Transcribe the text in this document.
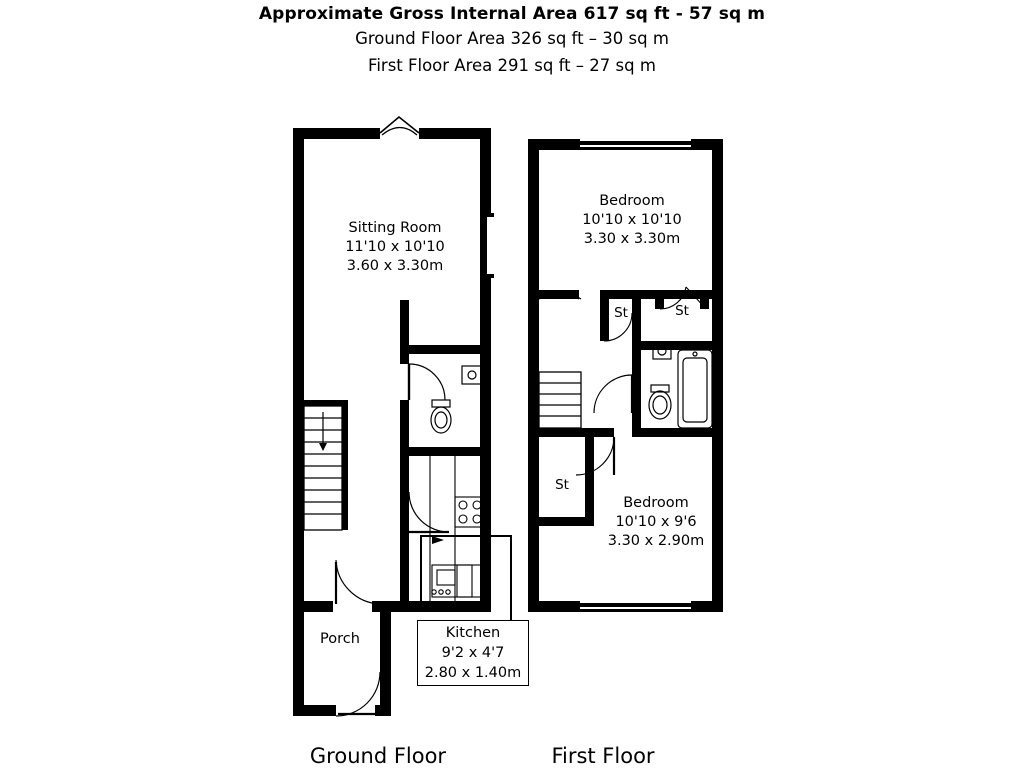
Approximate Gross Internal Area 617 sq ft - 57 sq m
Ground Floor Area 326 sq ft – 30 sq m
First Floor Area 291 sq ft – 27 sq m
Sitting Room
11'10 x 10'10
3.60 x 3.30m
Porch	Kitchen
9'2 x 4'7
2.80 x 1.40m
Bedroom
10'10 x 10'10
3.30 x 3.30m
Bedroom
10'10 x 9'6
3.30 x 2.90m
St	St
St
Ground Floor	First Floor
